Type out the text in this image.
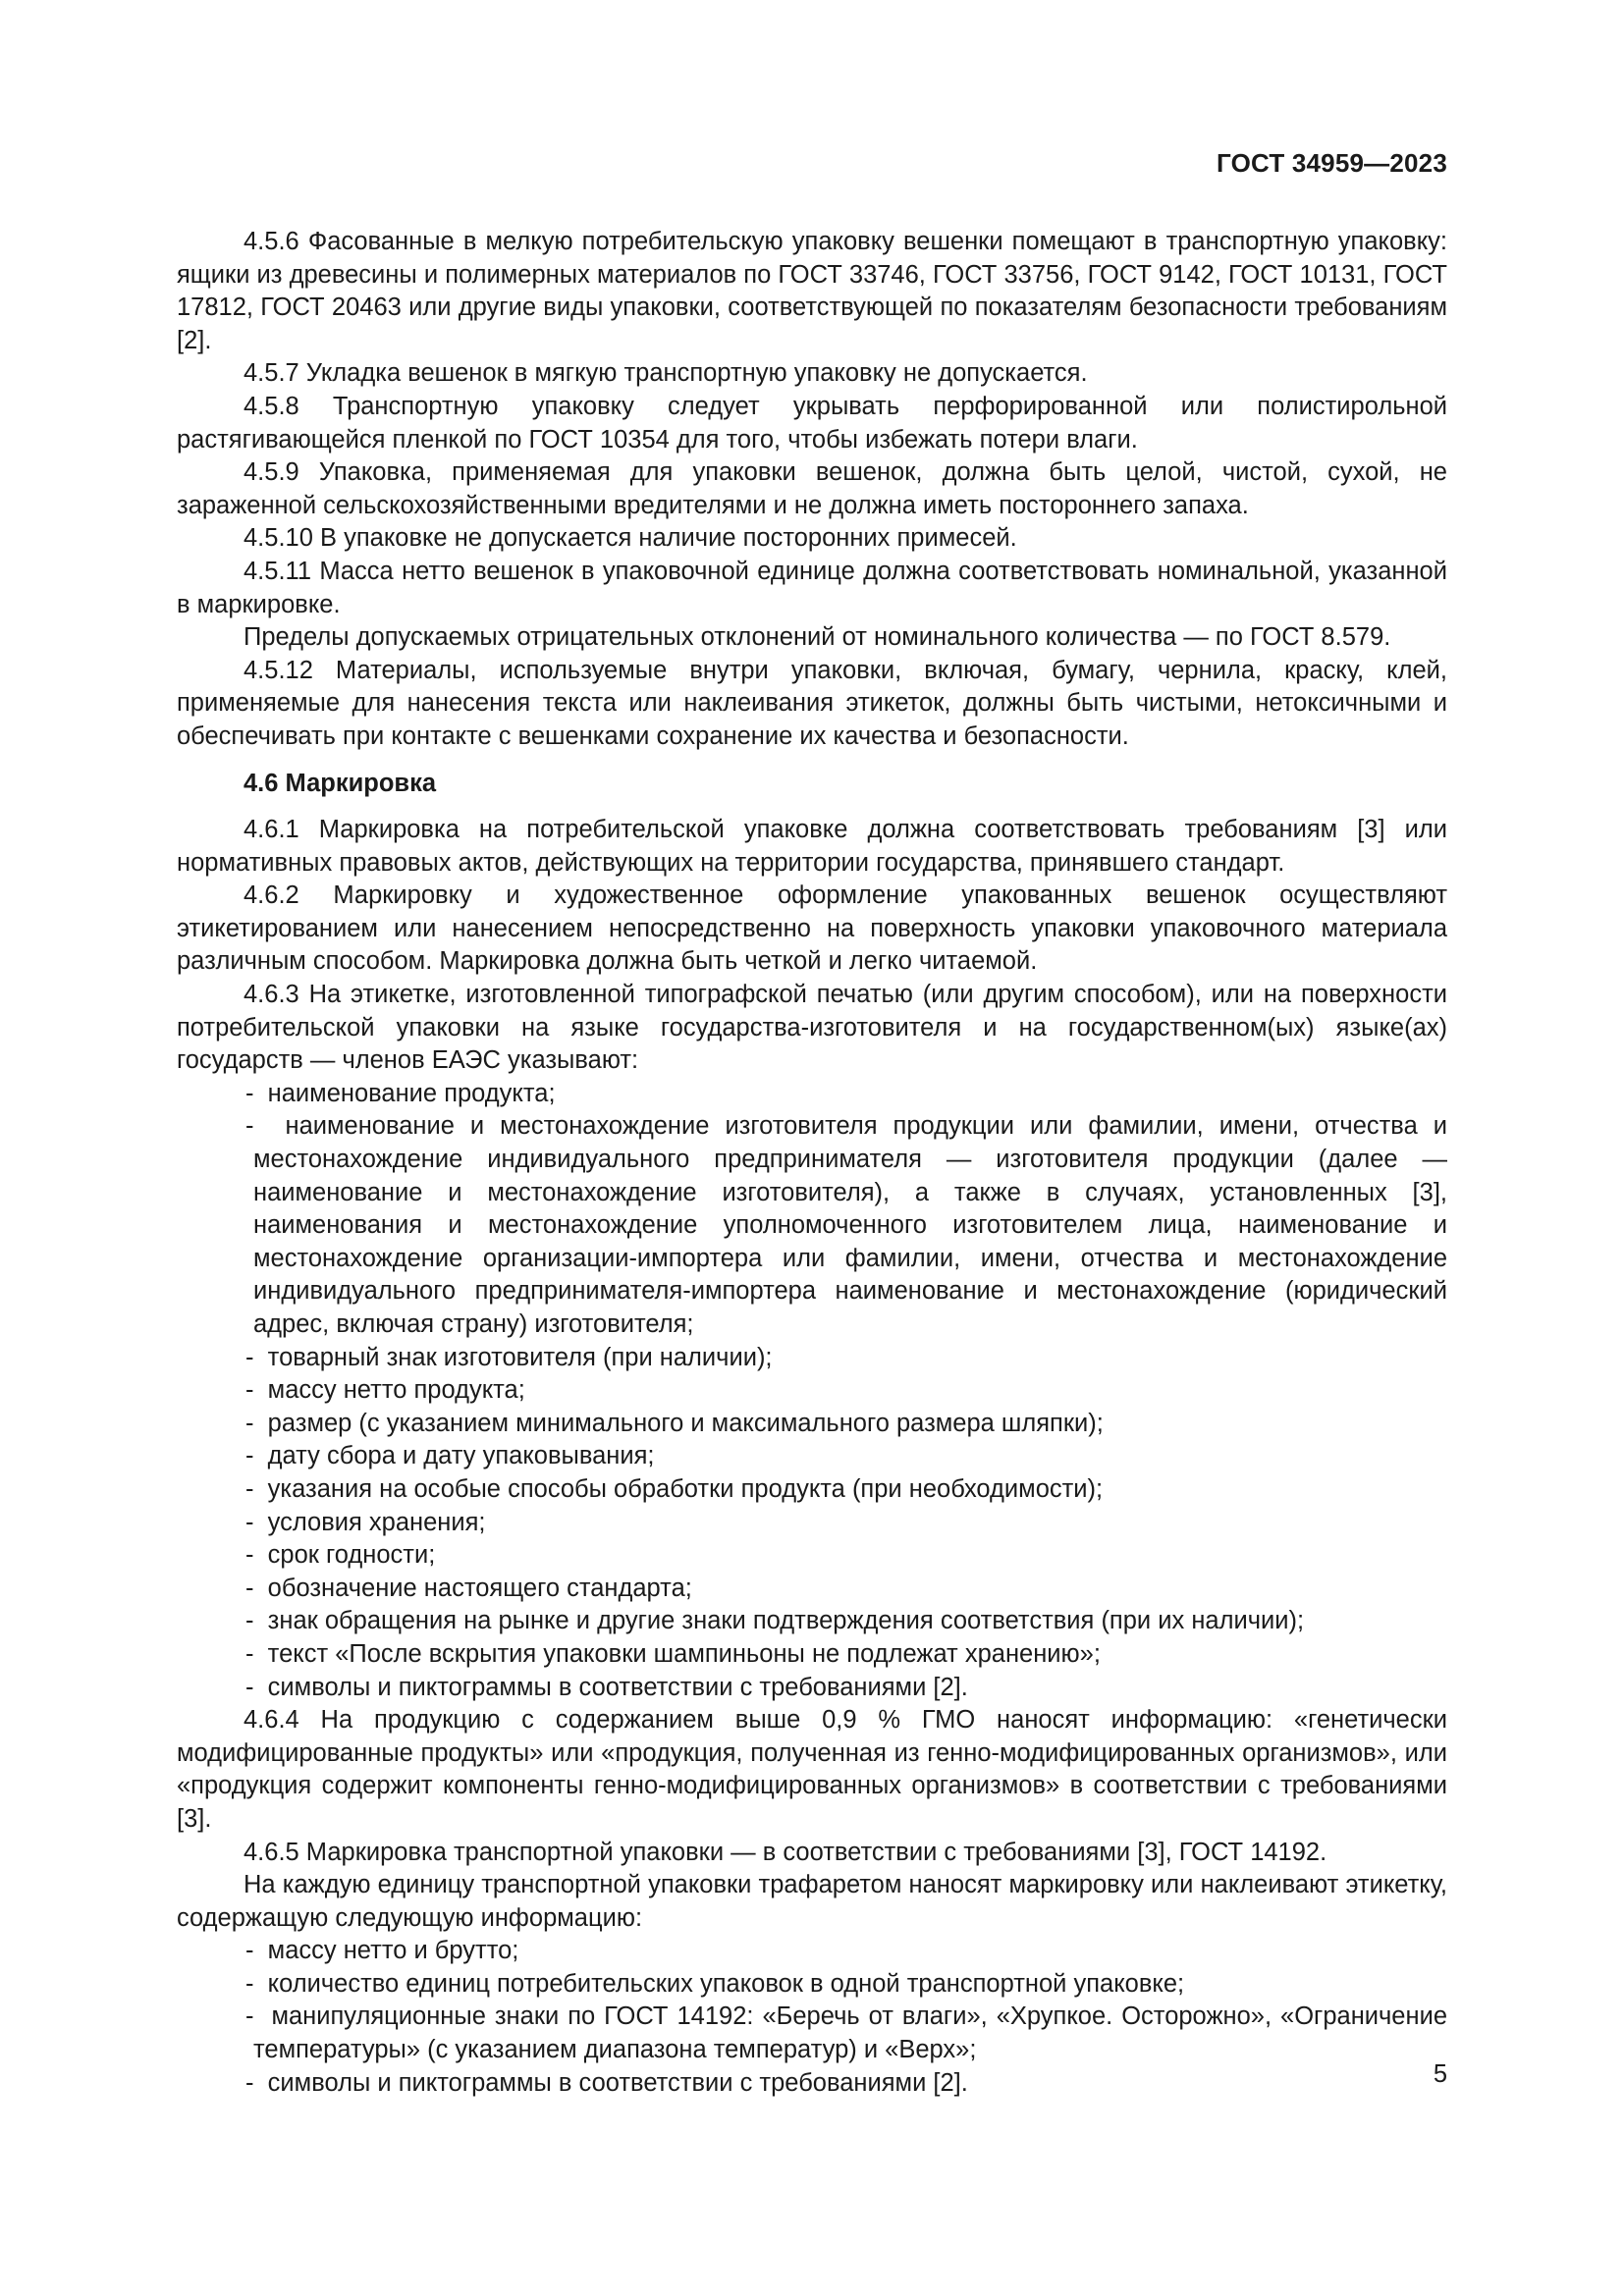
ГОСТ 34959—2023

4.5.6 Фасованные в мелкую потребительскую упаковку вешенки помещают в транспортную упаковку: ящики из древесины и полимерных материалов по ГОСТ 33746, ГОСТ 33756, ГОСТ 9142, ГОСТ 10131, ГОСТ 17812, ГОСТ 20463 или другие виды упаковки, соответствующей по показателям безопасности требованиям [2].

4.5.7 Укладка вешенок в мягкую транспортную упаковку не допускается.

4.5.8 Транспортную упаковку следует укрывать перфорированной или полистирольной растягивающейся пленкой по ГОСТ 10354 для того, чтобы избежать потери влаги.

4.5.9 Упаковка, применяемая для упаковки вешенок, должна быть целой, чистой, сухой, не зараженной сельскохозяйственными вредителями и не должна иметь постороннего запаха.

4.5.10 В упаковке не допускается наличие посторонних примесей.

4.5.11 Масса нетто вешенок в упаковочной единице должна соответствовать номинальной, указанной в маркировке.

Пределы допускаемых отрицательных отклонений от номинального количества — по ГОСТ 8.579.

4.5.12 Материалы, используемые внутри упаковки, включая, бумагу, чернила, краску, клей, применяемые для нанесения текста или наклеивания этикеток, должны быть чистыми, нетоксичными и обеспечивать при контакте с вешенками сохранение их качества и безопасности.

4.6 Маркировка

4.6.1 Маркировка на потребительской упаковке должна соответствовать требованиям [3] или нормативных правовых актов, действующих на территории государства, принявшего стандарт.

4.6.2 Маркировку и художественное оформление упакованных вешенок осуществляют этикетированием или нанесением непосредственно на поверхность упаковки упаковочного материала различным способом. Маркировка должна быть четкой и легко читаемой.

4.6.3 На этикетке, изготовленной типографской печатью (или другим способом), или на поверхности потребительской упаковки на языке государства-изготовителя и на государственном(ых) языке(ах) государств — членов ЕАЭС указывают:

-  наименование продукта;
-  наименование и местонахождение изготовителя продукции или фамилии, имени, отчества и местонахождение индивидуального предпринимателя — изготовителя продукции (далее — наименование и местонахождение изготовителя), а также в случаях, установленных [3], наименования и местонахождение уполномоченного изготовителем лица, наименование и местонахождение организации-импортера или фамилии, имени, отчества и местонахождение индивидуального предпринимателя-импортера наименование и местонахождение (юридический адрес, включая страну) изготовителя;
-  товарный знак изготовителя (при наличии);
-  массу нетто продукта;
-  размер (с указанием минимального и максимального размера шляпки);
-  дату сбора и дату упаковывания;
-  указания на особые способы обработки продукта (при необходимости);
-  условия хранения;
-  срок годности;
-  обозначение настоящего стандарта;
-  знак обращения на рынке и другие знаки подтверждения соответствия (при их наличии);
-  текст «После вскрытия упаковки шампиньоны не подлежат хранению»;
-  символы и пиктограммы в соответствии с требованиями [2].

4.6.4 На продукцию с содержанием выше 0,9 % ГМО наносят информацию: «генетически модифицированные продукты» или «продукция, полученная из генно-модифицированных организмов», или «продукция содержит компоненты генно-модифицированных организмов» в соответствии с требованиями [3].

4.6.5 Маркировка транспортной упаковки — в соответствии с требованиями [3], ГОСТ 14192.

На каждую единицу транспортной упаковки трафаретом наносят маркировку или наклеивают этикетку, содержащую следующую информацию:

-  массу нетто и брутто;
-  количество единиц потребительских упаковок в одной транспортной упаковке;
-  манипуляционные знаки по ГОСТ 14192: «Беречь от влаги», «Хрупкое. Осторожно», «Ограничение температуры» (с указанием диапазона температур) и «Верх»;
-  символы и пиктограммы в соответствии с требованиями [2].	5
